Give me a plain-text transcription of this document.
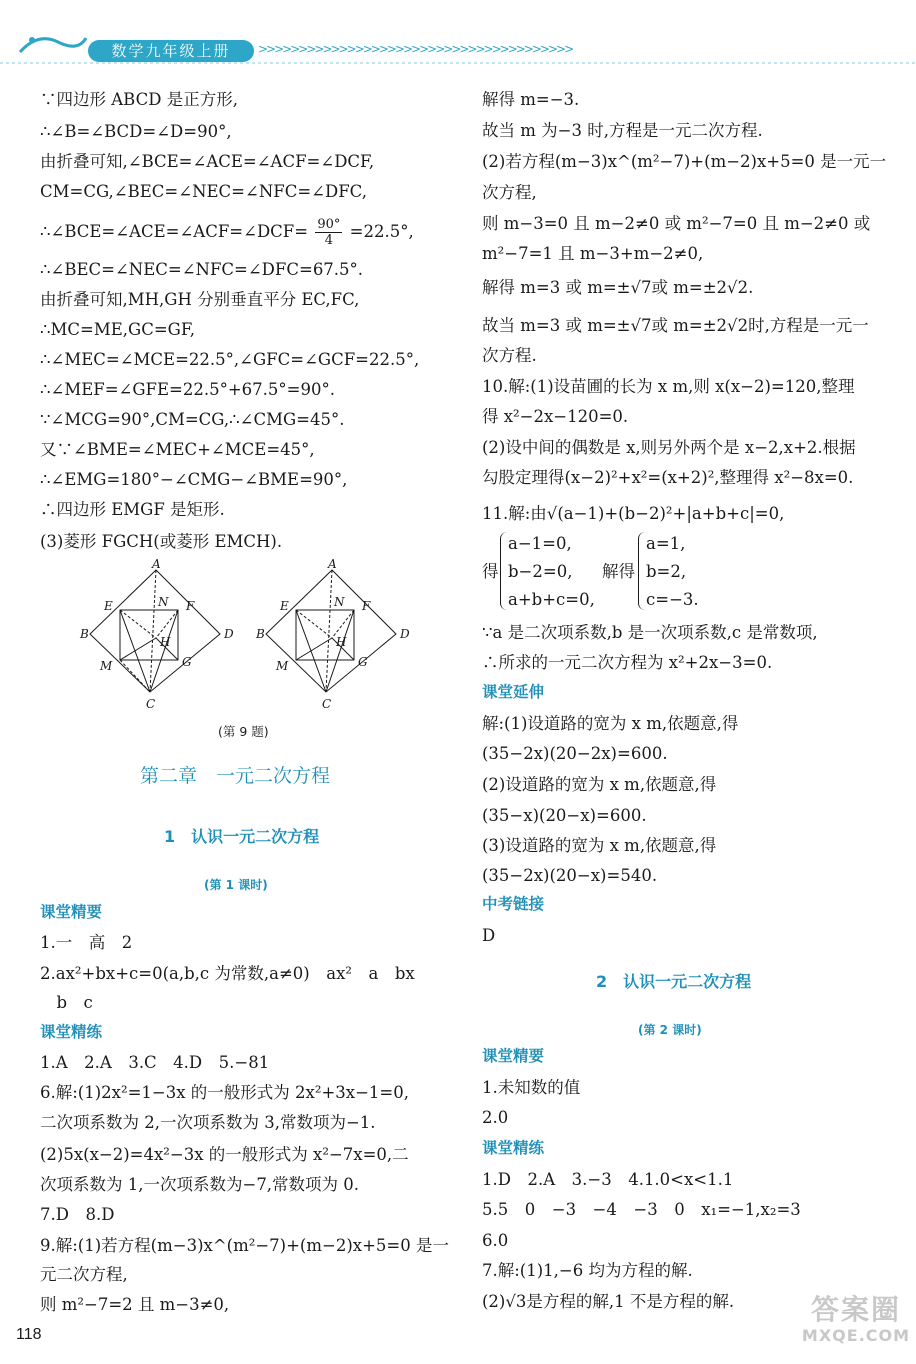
数学九年级上册	>>>>>>>>>>>>>>>>>>>>>>>>>>>>>>>>>>>>>>>
∵四边形 ABCD 是正方形,
∴∠B=∠BCD=∠D=90°,
由折叠可知,∠BCE=∠ACE=∠ACF=∠DCF,
CM=CG,∠BEC=∠NEC=∠NFC=∠DFC,
∴∠BCE=∠ACE=∠ACF=∠DCF= $\frac{90^\circ}{4} =22.5^\circ$,
∴∠BEC=∠NEC=∠NFC=∠DFC=67.5°.
由折叠可知,MH,GH 分别垂直平分 EC,FC,
∴MC=ME,GC=GF,
∴∠MEC=∠MCE=22.5°,∠GFC=∠GCF=22.5°,
∴∠MEF=∠GFE=22.5°+67.5°=90°.
∵∠MCG=90°,CM=CG,∴∠CMG=45°.
又∵∠BME=∠MEC+∠MCE=45°,
∴∠EMG=180°−∠CMG−∠BME=90°,
∴四边形 EMGF 是矩形.
(3)菱形 FGCH(或菱形 EMCH).
A
B
C
D
E	F
G
H
M
N
A
B
C
D
E	F
G
H
M
N
(第 9 题)
第二章　一元二次方程
1　认识一元二次方程
(第 1 课时)
课堂精要
1.一　高　2
2.ax²+bx+c=0(a,b,c 为常数,a≠0)　ax²　a　bx
　b　c
课堂精练
1.A　2.A　3.C　4.D　5.−81
6.解:(1)2x²=1−3x 的一般形式为 2x²+3x−1=0,
二次项系数为 2,一次项系数为 3,常数项为−1.
(2)5x(x−2)=4x²−3x 的一般形式为 x²−7x=0,二
次项系数为 1,一次项系数为−7,常数项为 0.
7.D　8.D
9.解:(1)若方程(m−3)x^(m²−7)+(m−2)x+5=0 是一
元二次方程,
则 m²−7=2 且 m−3≠0,
解得 m=−3.
故当 m 为−3 时,方程是一元二次方程.
(2)若方程(m−3)x^(m²−7)+(m−2)x+5=0 是一元一
次方程,
则 m−3=0 且 m−2≠0 或 m²−7=0 且 m−2≠0 或
m²−7=1 且 m−3+m−2≠0,
解得 m=3 或 m=±√7或 m=±2√2.
故当 m=3 或 m=±√7或 m=±2√2时,方程是一元一
次方程.
10.解:(1)设苗圃的长为 x m,则 x(x−2)=120,整理
得 x²−2x−120=0.
(2)设中间的偶数是 x,则另外两个是 x−2,x+2.根据
勾股定理得(x−2)²+x²=(x+2)²,整理得 x²−8x=0.
11.解:由√(a−1)+(b−2)²+|a+b+c|=0,
得
a−1=0,
b−2=0,
a+b+c=0,
解得
a=1,
b=2,
c=−3.
∵a 是二次项系数,b 是一次项系数,c 是常数项,
∴所求的一元二次方程为 x²+2x−3=0.
课堂延伸
解:(1)设道路的宽为 x m,依题意,得
(35−2x)(20−2x)=600.
(2)设道路的宽为 x m,依题意,得
(35−x)(20−x)=600.
(3)设道路的宽为 x m,依题意,得
(35−2x)(20−x)=540.
中考链接
D
2　认识一元二次方程
(第 2 课时)
课堂精要
1.未知数的值
2.0
课堂精练
1.D　2.A　3.−3　4.1.0<x<1.1
5.5　0　−3　−4　−3　0　x₁=−1,x₂=3
6.0
7.解:(1)1,−6 均为方程的解.
(2)√3是方程的解,1 不是方程的解.
118
答案圈
MXQE.COM
